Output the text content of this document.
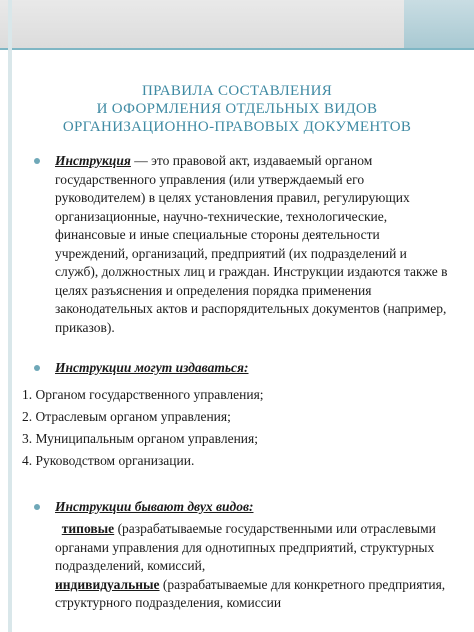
ПРАВИЛА СОСТАВЛЕНИЯ
И ОФОРМЛЕНИЯ ОТДЕЛЬНЫХ ВИДОВ
ОРГАНИЗАЦИОННО-ПРАВОВЫХ ДОКУМЕНТОВ
Инструкция — это правовой акт, издаваемый органом государственного управления (или утверждаемый его руководителем) в целях установления правил, регулирующих организационные, научно-технические, технологические, финансовые и иные специальные стороны деятельности учреждений, организаций, предприятий (их подразделений и служб), должностных лиц и граждан. Инструкции издаются также в целях разъяснения и определения порядка применения законодательных актов и распорядительных документов (например, приказов).
Инструкции могут издаваться:
1. Органом государственного управления;
2. Отраслевым органом управления;
3. Муниципальным органом управления;
4. Руководством организации.
Инструкции бывают двух видов:
типовые (разрабатываемые государственными или отраслевыми органами управления для однотипных предприятий, структурных подразделений, комиссий,
индивидуальные (разрабатываемые для конкретного предприятия, структурного подразделения, комиссии
